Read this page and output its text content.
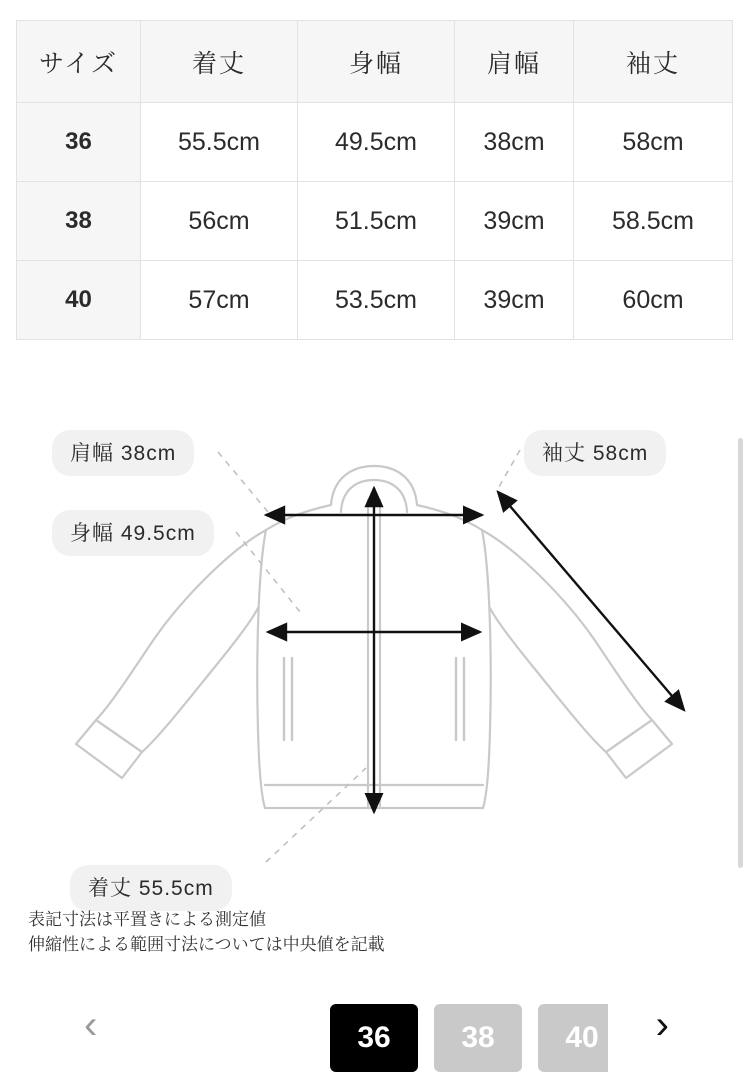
サイズ	着丈	身幅	肩幅	袖丈
36	55.5cm	49.5cm	38cm	58cm
38	56cm	51.5cm	39cm	58.5cm
40	57cm	53.5cm	39cm	60cm
肩幅 38cm	袖丈 58cm
身幅 49.5cm
着丈 55.5cm
表記寸法は平置きによる測定値
伸縮性による範囲寸法については中央値を記載
‹	›
36	38	40
